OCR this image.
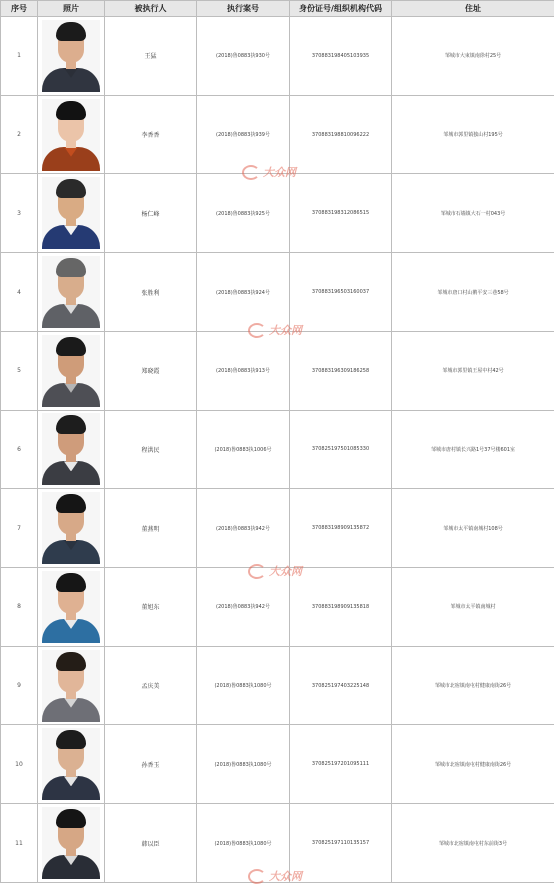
序号	照片	被执行人	执行案号	身份证号/组织机构代码	住址
1		王猛	(2018)鲁0883执930号	370883198405103935	邹城市大束镇南徐村25号
2		李香香	(2018)鲁0883执939号	370883198810096222	邹城市郭里镇独山村195号
3		杨仁峰	(2018)鲁0883执925号	370883198312086515	邹城市石墙镇大石一村043号
4		张胜利	(2018)鲁0883执924号	370883196503160037	邹城市唐口村山鹅平安三巷58号
5		郑晓霞	(2018)鲁0883执913号	370883196309186258	邹城市郭里镇王屋中村42号
6		程洪民	(2018)鲁0883执1006号	370825197501085330	邹城市唐村镇长兴路1号37号楼601室
7		董燕明	(2018)鲁0883执942号	370883198909135872	邹城市太平镇南城村108号
8		董旭东	(2018)鲁0883执942号	370883198909135818	邹城市太平镇南城村
9		孟庆美	(2018)鲁0883执1080号	370825197403225148	邹城市北宿镇南屯村健康南街26号
10		孙香玉	(2018)鲁0883执1080号	370825197201095111	邹城市北宿镇南屯村健康南街26号
11		韩以臣	(2018)鲁0883执1080号	370825197110135157	邹城市北宿镇南屯村东前街3号
大众网
大众网
大众网
大众网
